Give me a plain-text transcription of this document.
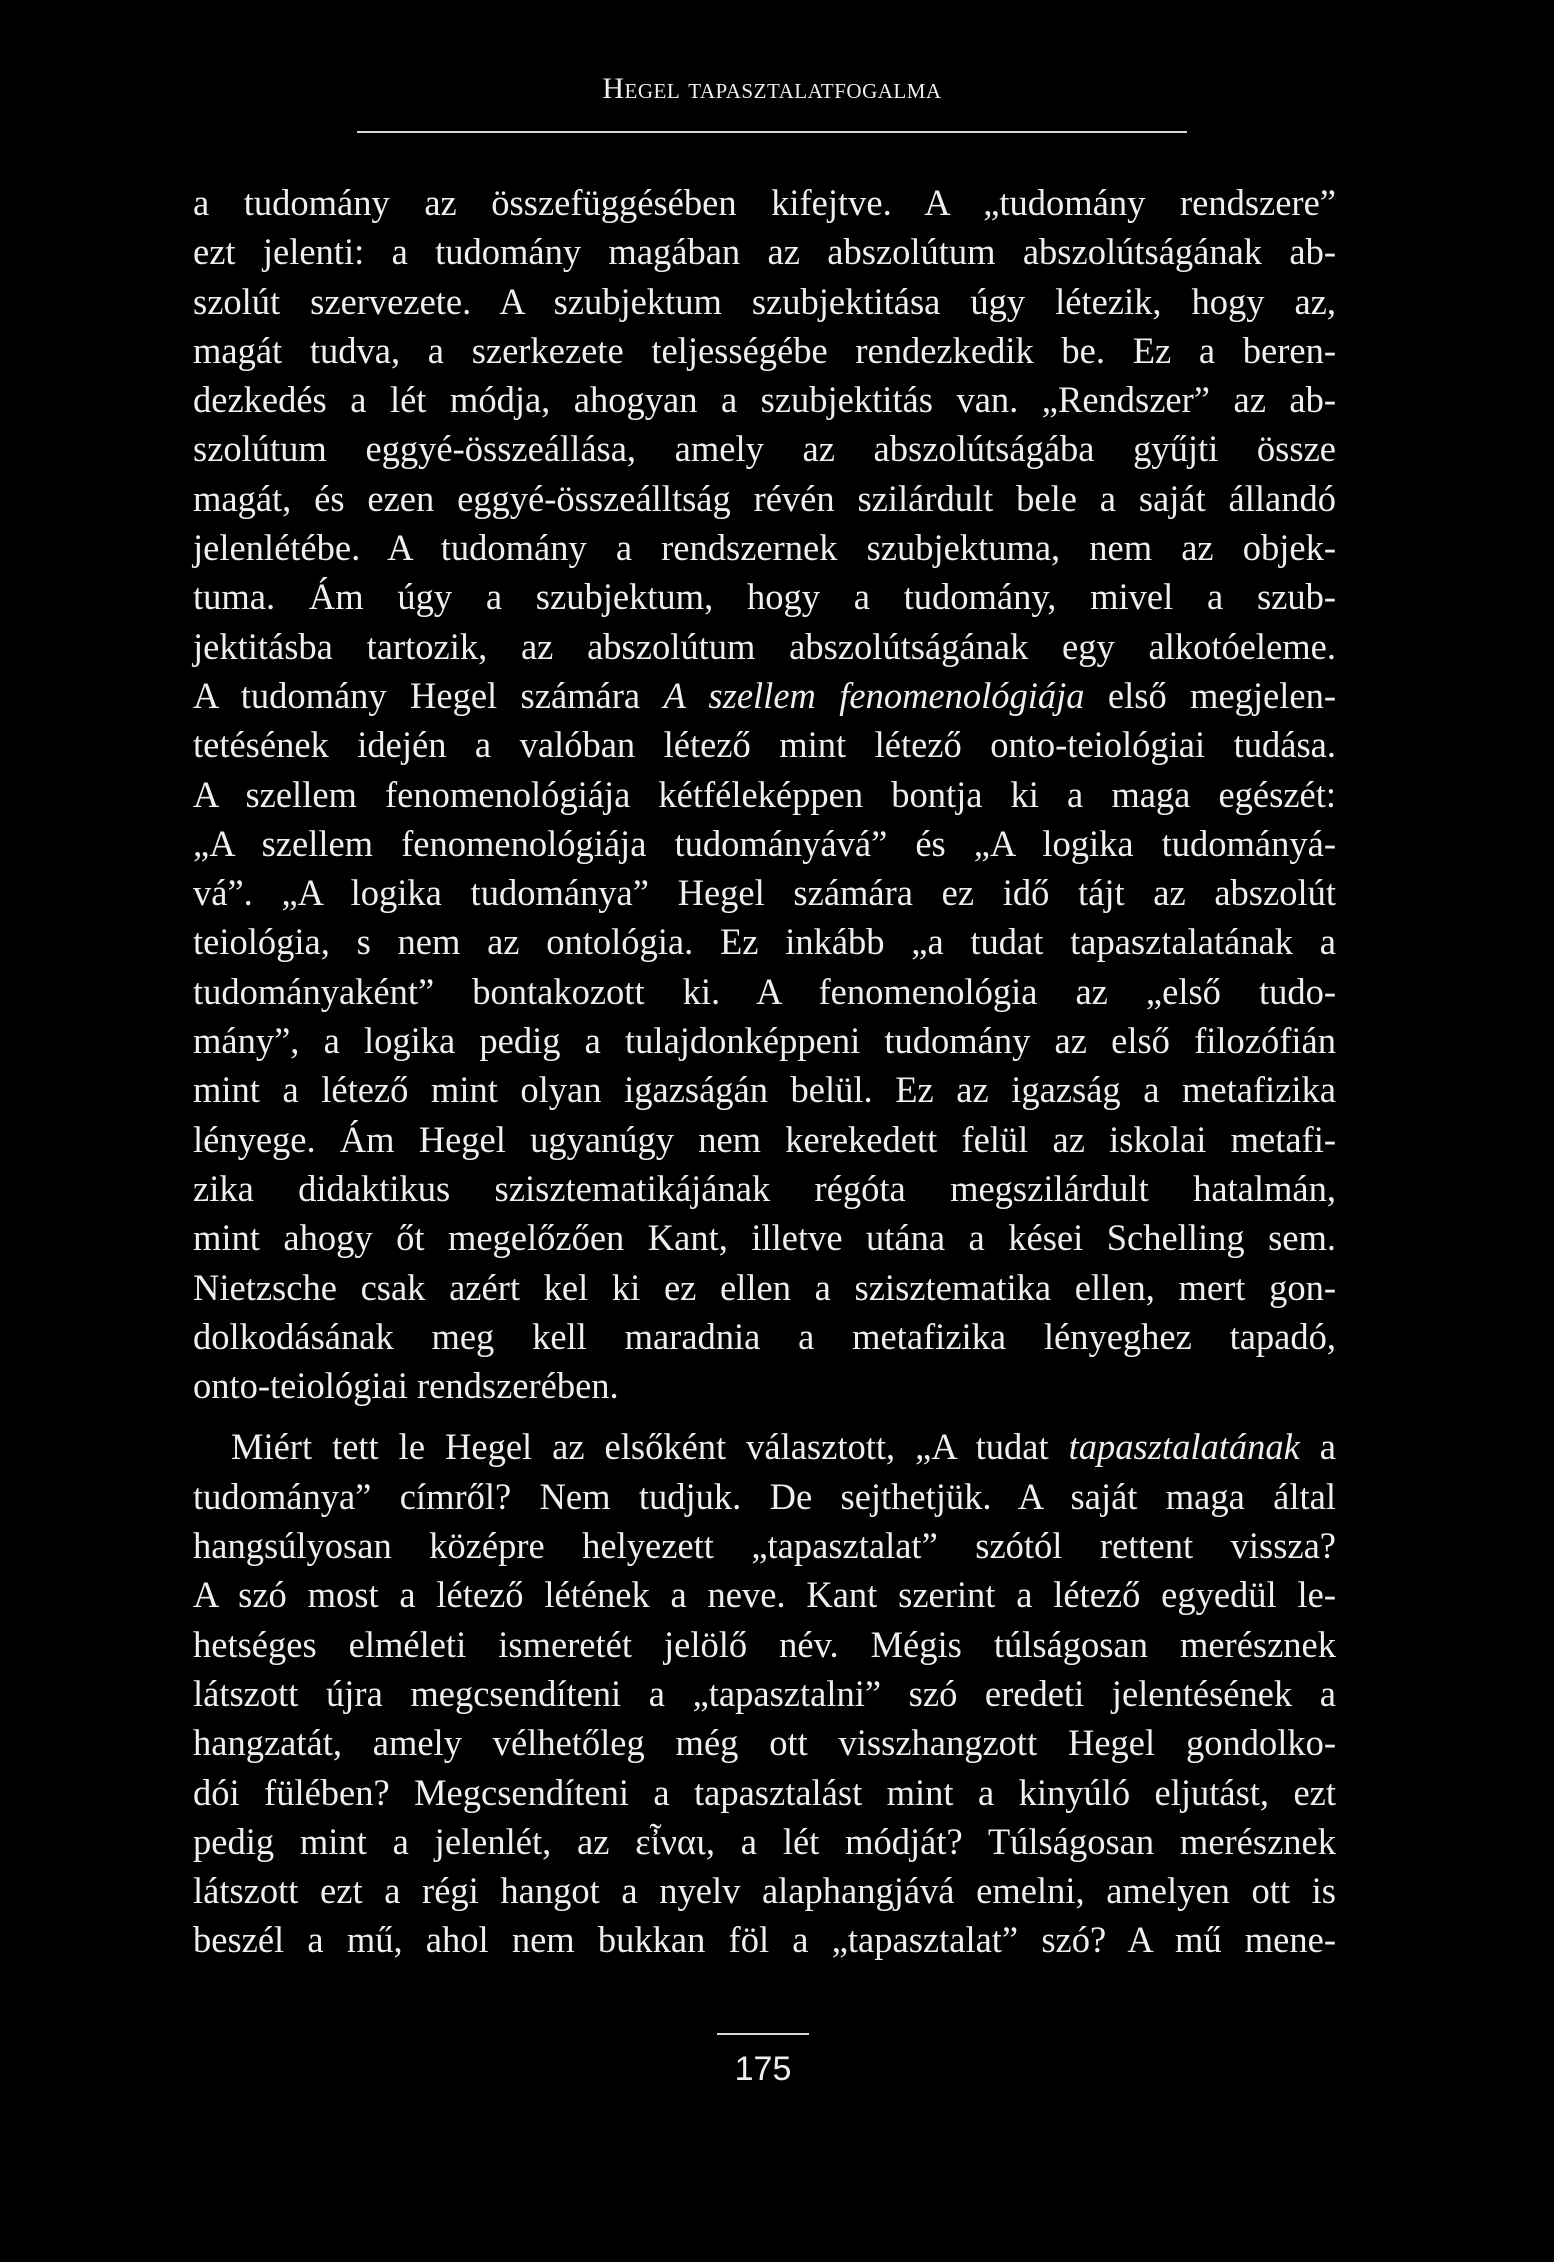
Hegel tapasztalatfogalma
a tudomány az összefüggésében kifejtve. A „tudomány rendszere”
ezt jelenti: a tudomány magában az abszolútum abszolútságának ab-
szolút szervezete. A szubjektum szubjektitása úgy létezik, hogy az,
magát tudva, a szerkezete teljességébe rendezkedik be. Ez a beren-
dezkedés a lét módja, ahogyan a szubjektitás van. „Rendszer” az ab-
szolútum eggyé-összeállása, amely az abszolútságába gyűjti össze
magát, és ezen eggyé-összeálltság révén szilárdult bele a saját állandó
jelenlétébe. A tudomány a rendszernek szubjektuma, nem az objek-
tuma. Ám úgy a szubjektum, hogy a tudomány, mivel a szub-
jektitásba tartozik, az abszolútum abszolútságának egy alkotóeleme.
A tudomány Hegel számára A szellem fenomenológiája első megjelen-
tetésének idején a valóban létező mint létező onto-teiológiai tudása.
A szellem fenomenológiája kétféleképpen bontja ki a maga egészét:
„A szellem fenomenológiája tudományává” és „A logika tudományá-
vá”. „A logika tudománya” Hegel számára ez idő tájt az abszolút
teiológia, s nem az ontológia. Ez inkább „a tudat tapasztalatának a
tudományaként” bontakozott ki. A fenomenológia az „első tudo-
mány”, a logika pedig a tulajdonképpeni tudomány az első filozófián
mint a létező mint olyan igazságán belül. Ez az igazság a metafizika
lényege. Ám Hegel ugyanúgy nem kerekedett felül az iskolai metafi-
zika didaktikus szisztematikájának régóta megszilárdult hatalmán,
mint ahogy őt megelőzően Kant, illetve utána a kései Schelling sem.
Nietzsche csak azért kel ki ez ellen a szisztematika ellen, mert gon-
dolkodásának meg kell maradnia a metafizika lényeghez tapadó,
onto-teiológiai rendszerében.
Miért tett le Hegel az elsőként választott, „A tudat tapasztalatának a
tudománya” címről? Nem tudjuk. De sejthetjük. A saját maga által
hangsúlyosan középre helyezett „tapasztalat” szótól rettent vissza?
A szó most a létező létének a neve. Kant szerint a létező egyedül le-
hetséges elméleti ismeretét jelölő név. Mégis túlságosan merésznek
látszott újra megcsendíteni a „tapasztalni” szó eredeti jelentésének a
hangzatát, amely vélhetőleg még ott visszhangzott Hegel gondolko-
dói fülében? Megcsendíteni a tapasztalást mint a kinyúló eljutást, ezt
pedig mint a jelenlét, az εἶναι, a lét módját? Túlságosan merésznek
látszott ezt a régi hangot a nyelv alaphangjává emelni, amelyen ott is
beszél a mű, ahol nem bukkan föl a „tapasztalat” szó? A mű mene-
175
